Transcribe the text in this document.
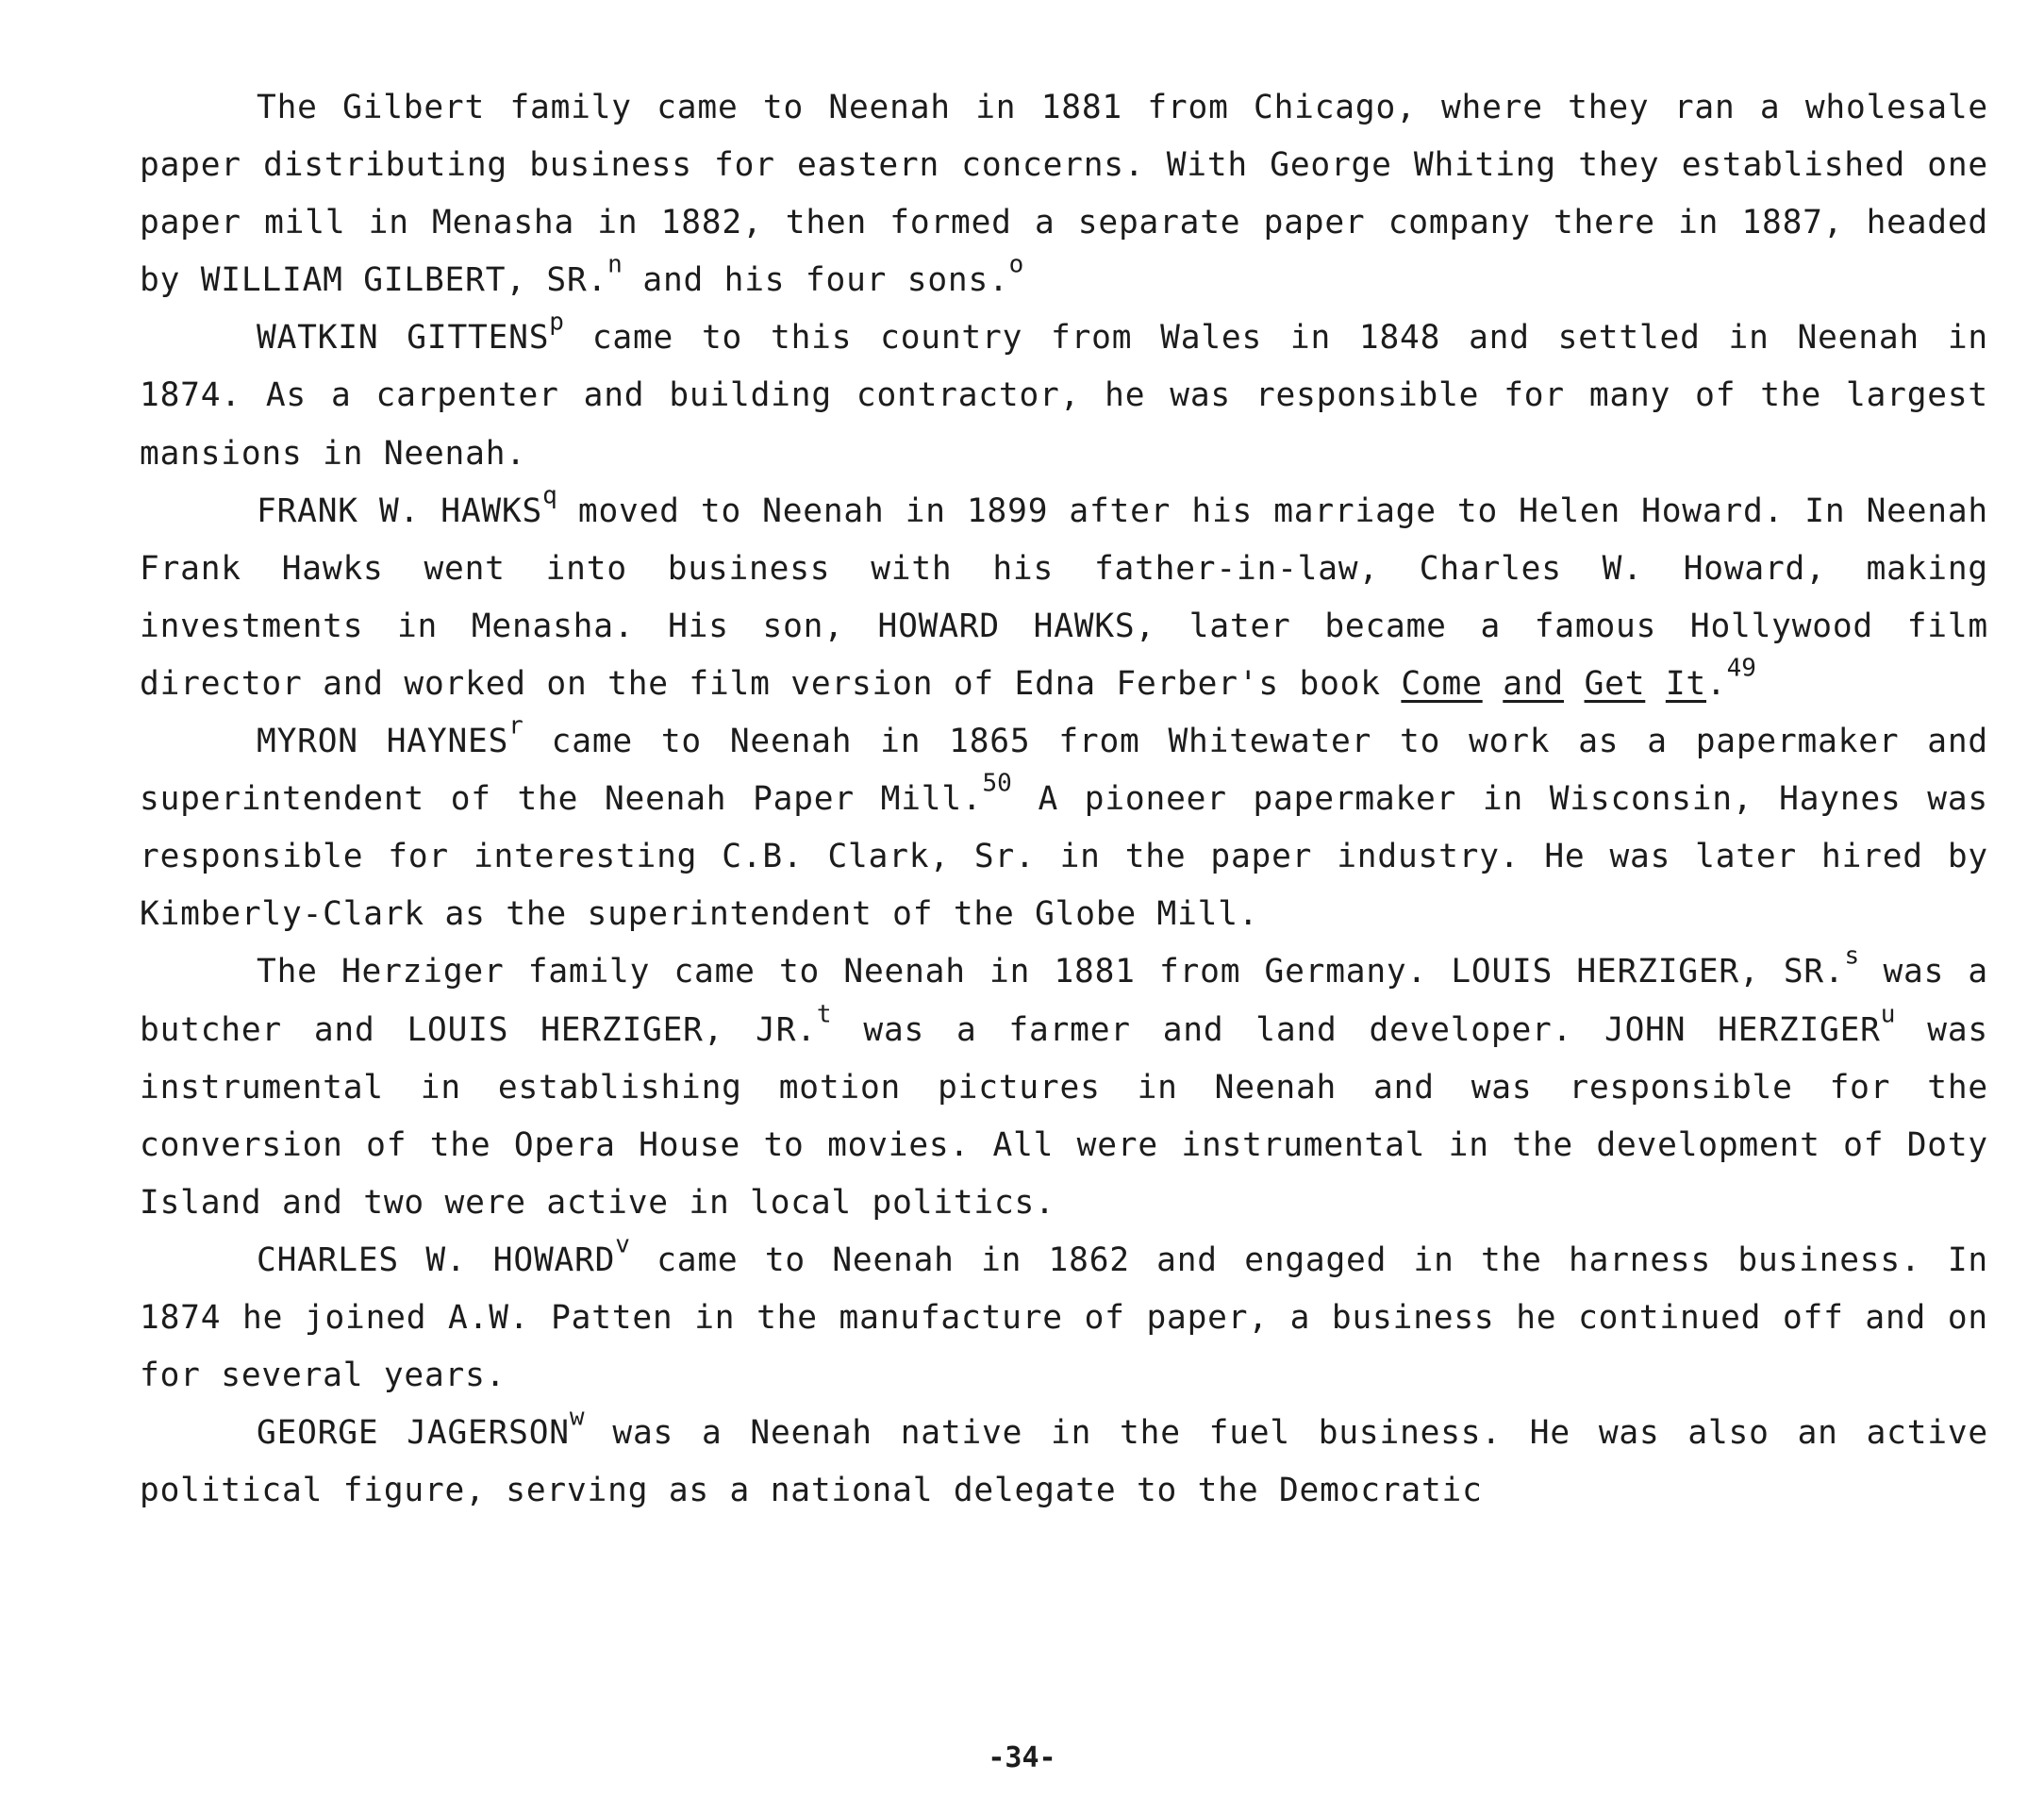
The Gilbert family came to Neenah in 1881 from Chicago, where they ran a wholesale paper distributing business for eastern concerns. With George Whiting they established one paper mill in Menasha in 1882, then formed a separate paper company there in 1887, headed by WILLIAM GILBERT, SR.$^n$ and his four sons.$^o$

WATKIN GITTENS$^p$ came to this country from Wales in 1848 and settled in Neenah in 1874. As a carpenter and building contractor, he was responsible for many of the largest mansions in Neenah.

FRANK W. HAWKS$^q$ moved to Neenah in 1899 after his marriage to Helen Howard. In Neenah Frank Hawks went into business with his father-in-law, Charles W. Howard, making investments in Menasha. His son, HOWARD HAWKS, later became a famous Hollywood film director and worked on the film version of Edna Ferber's book Come and Get It.$^{49}$

MYRON HAYNES$^r$ came to Neenah in 1865 from Whitewater to work as a papermaker and superintendent of the Neenah Paper Mill.$^{50}$ A pioneer papermaker in Wisconsin, Haynes was responsible for interesting C.B. Clark, Sr. in the paper industry. He was later hired by Kimberly-Clark as the superintendent of the Globe Mill.

The Herziger family came to Neenah in 1881 from Germany. LOUIS HERZIGER, SR.$^s$ was a butcher and LOUIS HERZIGER, JR.$^t$ was a farmer and land developer. JOHN HERZIGER$^u$ was instrumental in establishing motion pictures in Neenah and was responsible for the conversion of the Opera House to movies. All were instrumental in the development of Doty Island and two were active in local politics.

CHARLES W. HOWARD$^v$ came to Neenah in 1862 and engaged in the harness business. In 1874 he joined A.W. Patten in the manufacture of paper, a business he continued off and on for several years.

GEORGE JAGERSON$^w$ was a Neenah native in the fuel business. He was also an active political figure, serving as a national delegate to the Democratic

-34-
